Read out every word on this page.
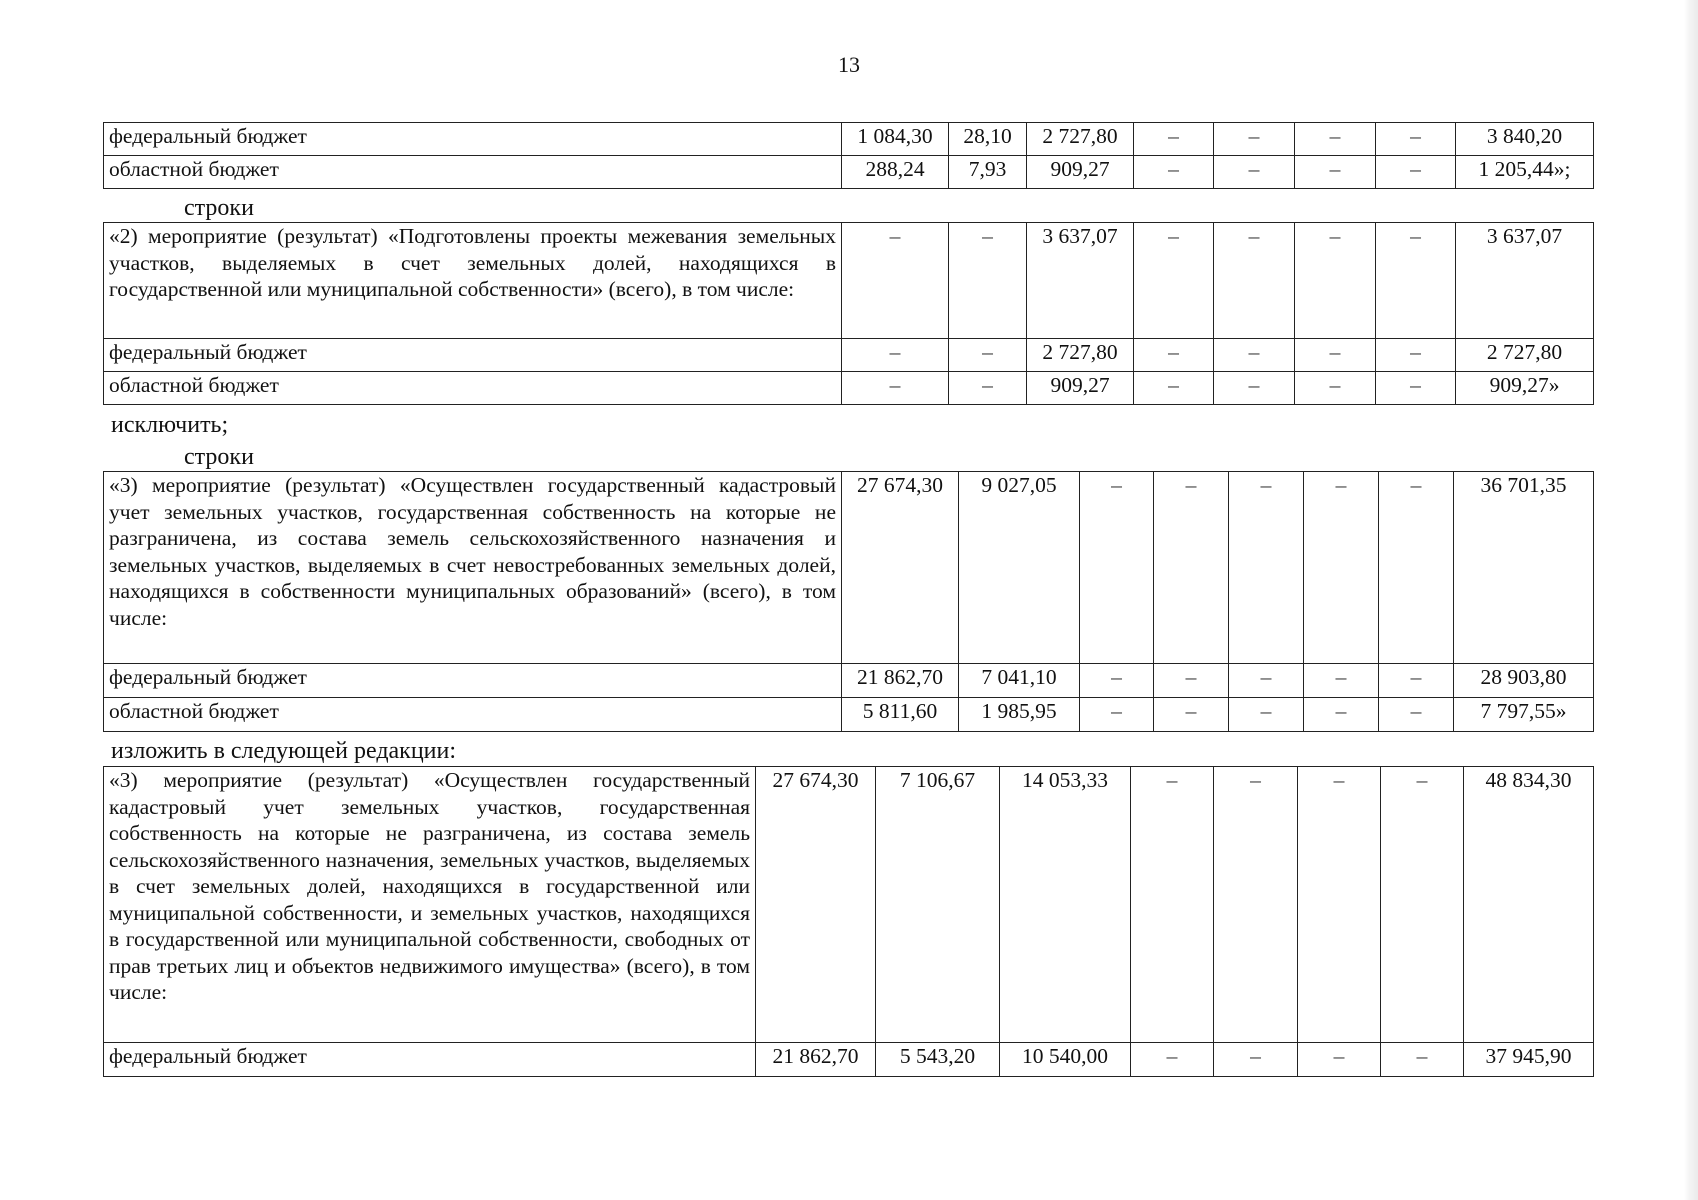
13
федеральный бюджет	1 084,30	28,10	2 727,80	–	–	–	–	3 840,20
областной бюджет	288,24	7,93	909,27	–	–	–	–	1 205,44»;
строки
«2) мероприятие (результат) «Подготовлены проекты межевания земельных участков, выделяемых в счет земельных долей, находящихся в государственной или муниципальной собственности» (всего), в том числе:	–	–	3 637,07	–	–	–	–	3 637,07
федеральный бюджет	–	–	2 727,80	–	–	–	–	2 727,80
областной бюджет	–	–	909,27	–	–	–	–	909,27»
исключить;
строки
«3) мероприятие (результат) «Осуществлен государственный кадастровый учет земельных участков, государственная собственность на которые не разграничена, из состава земель сельскохозяйственного назначения и земельных участков, выделяемых в счет невостребованных земельных долей, находящихся в собственности муниципальных образований» (всего), в том числе:	27 674,30	9 027,05	–	–	–	–	–	36 701,35
федеральный бюджет	21 862,70	7 041,10	–	–	–	–	–	28 903,80
областной бюджет	5 811,60	1 985,95	–	–	–	–	–	7 797,55»
изложить в следующей редакции:
«3) мероприятие (результат) «Осуществлен государственный кадастровый учет земельных участков, государственная собственность на которые не разграничена, из состава земель сельскохозяйственного назначения, земельных участков, выделяемых в счет земельных долей, находящихся в государственной или муниципальной собственности, и земельных участков, находящихся в государственной или муниципальной собственности, свободных от прав третьих лиц и объектов недвижимого имущества» (всего), в том числе:	27 674,30	7 106,67	14 053,33	–	–	–	–	48 834,30
федеральный бюджет	21 862,70	5 543,20	10 540,00	–	–	–	–	37 945,90
